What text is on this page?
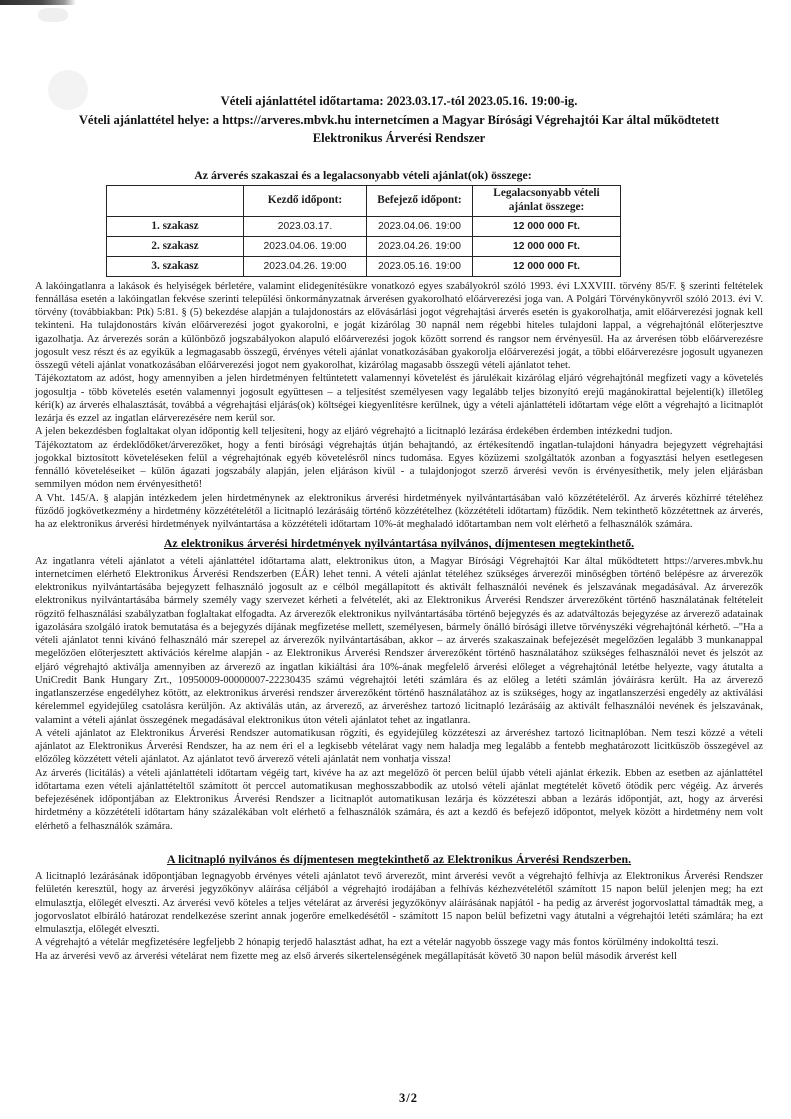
Vételi ajánlattétel időtartama: 2023.03.17.-tól 2023.05.16. 19:00-ig.
Vételi ajánlattétel helye: a https://arveres.mbvk.hu internetcímen a Magyar Bírósági Végrehajtói Kar által működtetett Elektronikus Árverési Rendszer
Az árverés szakaszai és a legalacsonyabb vételi ajánlat(ok) összege:
	Kezdő időpont:	Befejező időpont:	Legalacsonyabb vételi ajánlat összege:
1. szakasz	2023.03.17.	2023.04.06. 19:00	12 000 000 Ft.
2. szakasz	2023.04.06. 19:00	2023.04.26. 19:00	12 000 000 Ft.
3. szakasz	2023.04.26. 19:00	2023.05.16. 19:00	12 000 000 Ft.

A lakóingatlanra a lakások és helyiségek bérletére, valamint elidegenítésükre vonatkozó egyes szabályokról szóló 1993. évi LXXVIII. törvény 85/F. § szerinti feltételek fennállása esetén a lakóingatlan fekvése szerinti települési önkormányzatnak árverésen gyakorolható előárverezési joga van. A Polgári Törvénykönyvről szóló 2013. évi V. törvény (továbbiakban: Ptk) 5:81. § (5) bekezdése alapján a tulajdonostárs az elővásárlási jogot végrehajtási árverés esetén is gyakorolhatja, amit előárverezési jognak kell tekinteni. Ha tulajdonostárs kíván előárverezési jogot gyakorolni, e jogát kizárólag 30 napnál nem régebbi hiteles tulajdoni lappal, a végrehajtónál előterjesztve igazolhatja. Az árverezés során a különböző jogszabályokon alapuló előárverezési jogok között sorrend és rangsor nem érvényesül. Ha az árverésen több előárverezésre jogosult vesz részt és az egyikük a legmagasabb összegű, érvényes vételi ajánlat vonatkozásában gyakorolja előárverezési jogát, a többi előárverezésre jogosult ugyanezen összegű vételi ajánlat vonatkozásában előárverezési jogot nem gyakorolhat, kizárólag magasabb összegű vételi ajánlatot tehet.

Tájékoztatom az adóst, hogy amennyiben a jelen hirdetményen feltüntetett valamennyi követelést és járulékait kizárólag eljáró végrehajtónál megfizeti vagy a követelés jogosultja - több követelés esetén valamennyi jogosult együttesen – a teljesítést személyesen vagy legalább teljes bizonyító erejű magánokirattal bejelenti(k) illetőleg kéri(k) az árverés elhalasztását, továbbá a végrehajtási eljárás(ok) költségei kiegyenlítésre kerülnek, úgy a vételi ajánlattételi időtartam vége előtt a végrehajtó a licitnaplót lezárja és ezzel az ingatlan elárverezésére nem kerül sor.

A jelen bekezdésben foglaltakat olyan időpontig kell teljesíteni, hogy az eljáró végrehajtó a licitnapló lezárása érdekében érdemben intézkedni tudjon.

Tájékoztatom az érdeklődőket/árverezőket, hogy a fenti bírósági végrehajtás útján behajtandó, az értékesítendő ingatlan-tulajdoni hányadra bejegyzett végrehajtási jogokkal biztosított követeléseken felül a végrehajtónak egyéb követelésről nincs tudomása. Egyes közüzemi szolgáltatók azonban a fogyasztási helyen esetlegesen fennálló követeléseiket – külön ágazati jogszabály alapján, jelen eljáráson kívül - a tulajdonjogot szerző árverési vevőn is érvényesíthetik, mely jelen eljárásban semmilyen módon nem érvényesíthető!

A Vht. 145/A. § alapján intézkedem jelen hirdetménynek az elektronikus árverési hirdetmények nyilvántartásában való közzétételéről. Az árverés közhírré tételéhez fűződő jogkövetkezmény a hirdetmény közzétételétől a licitnapló lezárásáig történő közzétételhez (közzétételi időtartam) fűződik. Nem tekinthető közzétettnek az árverés, ha az elektronikus árverési hirdetmények nyilvántartása a közzétételi időtartam 10%-át meghaladó időtartamban nem volt elérhető a felhasználók számára.

Az elektronikus árverési hirdetmények nyilvántartása nyilvános, díjmentesen megtekinthető.

Az ingatlanra vételi ajánlatot a vételi ajánlattétel időtartama alatt, elektronikus úton, a Magyar Bírósági Végrehajtói Kar által működtetett https://arveres.mbvk.hu internetcímen elérhető Elektronikus Árverési Rendszerben (EÁR) lehet tenni. A vételi ajánlat tételéhez szükséges árverezői minőségben történő belépésre az árverezők elektronikus nyilvántartásába bejegyzett felhasználó jogosult az e célból megállapított és aktivált felhasználói nevének és jelszavának megadásával. Az árverezők elektronikus nyilvántartásába bármely személy vagy szervezet kérheti a felvételét, aki az Elektronikus Árverési Rendszer árverezőként történő használatának feltételeit rögzítő felhasználási szabályzatban foglaltakat elfogadta. Az árverezők elektronikus nyilvántartásába történő bejegyzés és az adatváltozás bejegyzése az árverező adatainak igazolására szolgáló iratok bemutatása és a bejegyzés díjának megfizetése mellett, személyesen, bármely önálló bírósági illetve törvényszéki végrehajtónál kérhető. –"Ha a vételi ajánlatot tenni kívánó felhasználó már szerepel az árverezők nyilvántartásában, akkor – az árverés szakaszainak befejezését megelőzően legalább 3 munkanappal megelőzően előterjesztett aktivációs kérelme alapján - az Elektronikus Árverési Rendszer árverezőként történő használatához szükséges felhasználói nevet és jelszót az eljáró végrehajtó aktiválja amennyiben az árverező az ingatlan kikiáltási ára 10%-ának megfelelő árverési előleget a végrehajtónál letétbe helyezte, vagy átutalta a UniCredit Bank Hungary Zrt., 10950009-00000007-22230435 számú végrehajtói letéti számlára és az előleg a letéti számlán jóváírásra került. Ha az árverező ingatlanszerzése engedélyhez kötött, az elektronikus árverési rendszer árverezőként történő használatához az is szükséges, hogy az ingatlanszerzési engedély az aktiválási kérelemmel egyidejűleg csatolásra kerüljön. Az aktiválás után, az árverező, az árveréshez tartozó licitnapló lezárásáig az aktivált felhasználói nevének és jelszavának, valamint a vételi ajánlat összegének megadásával elektronikus úton vételi ajánlatot tehet az ingatlanra.

A vételi ajánlatot az Elektronikus Árverési Rendszer automatikusan rögzíti, és egyidejűleg közzéteszi az árveréshez tartozó licitnaplóban. Nem teszi közzé a vételi ajánlatot az Elektronikus Árverési Rendszer, ha az nem éri el a legkisebb vételárat vagy nem haladja meg legalább a fentebb meghatározott licitküszöb összegével az előzőleg közzétett vételi ajánlatot. Az ajánlatot tevő árverező vételi ajánlatát nem vonhatja vissza!

Az árverés (licitálás) a vételi ajánlattételi időtartam végéig tart, kivéve ha az azt megelőző öt percen belül újabb vételi ajánlat érkezik. Ebben az esetben az ajánlattétel időtartama ezen vételi ajánlattételtől számított öt perccel automatikusan meghosszabbodik az utolsó vételi ajánlat megtételét követő ötödik perc végéig. Az árverés befejezésének időpontjában az Elektronikus Árverési Rendszer a licitnaplót automatikusan lezárja és közzéteszi abban a lezárás időpontját, azt, hogy az árverési hirdetmény a közzétételi időtartam hány százalékában volt elérhető a felhasználók számára, és azt a kezdő és befejező időpontot, melyek között a hirdetmény nem volt elérhető a felhasználók számára.

A licitnapló nyilvános és díjmentesen megtekinthető az Elektronikus Árverési Rendszerben.

A licitnapló lezárásának időpontjában legnagyobb érvényes vételi ajánlatot tevő árverezőt, mint árverési vevőt a végrehajtó felhívja az Elektronikus Árverési Rendszer felületén keresztül, hogy az árverési jegyzőkönyv aláírása céljából a végrehajtó irodájában a felhívás kézhezvételétől számított 15 napon belül jelenjen meg; ha ezt elmulasztja, előlegét elveszti. Az árverési vevő köteles a teljes vételárat az árverési jegyzőkönyv aláírásának napjától - ha pedig az árverést jogorvoslattal támadták meg, a jogorvoslatot elbíráló határozat rendelkezése szerint annak jogerőre emelkedésétől - számított 15 napon belül befizetni vagy átutalni a végrehajtói letéti számlára; ha ezt elmulasztja, előlegét elveszti.

A végrehajtó a vételár megfizetésére legfeljebb 2 hónapig terjedő halasztást adhat, ha ezt a vételár nagyobb összege vagy más fontos körülmény indokolttá teszi.

Ha az árverési vevő az árverési vételárat nem fizette meg az első árverés sikertelenségének megállapítását követő 30 napon belül második árverést kell

3/2
